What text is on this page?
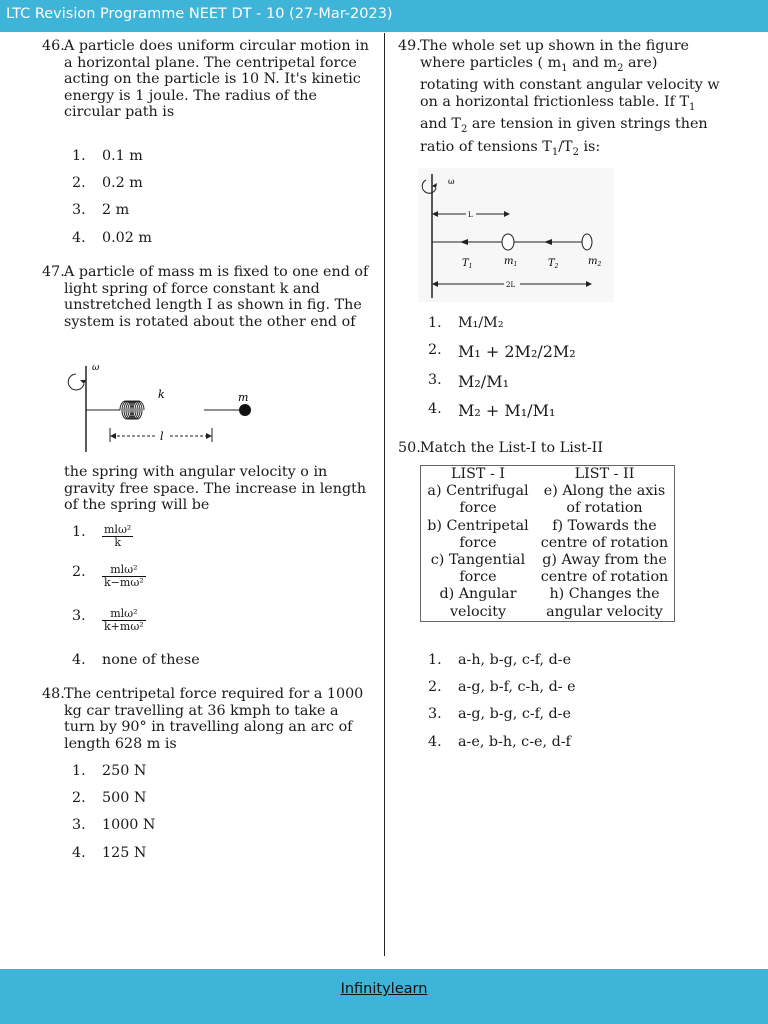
LTC Revision Programme NEET DT - 10 (27-Mar-2023)
46. A particle does uniform circular motion in a horizontal plane. The centripetal force acting on the particle is 10 N. It's kinetic energy is 1 joule. The radius of the circular path is
1. 0.1 m
2. 0.2 m
3. 2 m
4. 0.02 m
47. A particle of mass m is fixed to one end of light spring of force constant k and unstretched length I as shown in fig. The system is rotated about the other end of
ω
k	m
l
the spring with angular velocity o in gravity free space. The increase in length of the spring will be
1. $\frac{\text{mlω²}}{k}$
2. $\frac{\text{mlω²}}{\text{k−mω²}}$
3. $\frac{\text{mlω²}}{\text{k+mω²}}$
4. none of these
48. The centripetal force required for a 1000 kg car travelling at 36 kmph to take a turn by 90° in travelling along an arc of length 628 m is
1. 250 N
2. 500 N
3. 1000 N
4. 125 N
49. The whole set up shown in the figure where particles ( $m_1$ and $m_2$ are) rotating with constant angular velocity w on a horizontal frictionless table. If $T_1$ and $T_2$ are tension in given strings then ratio of tensions $T_1/T_2$ is:
ω
L
$T_1$	$m_1$	$T_2$	$m_2$
2L
1. M₁/M₂
2. M₁ + 2M₂/2M₂
3. M₂/M₁
4. M₂ + M₁/M₁
50. Match the List-I to List-II
LIST - I	LIST - II
a) Centrifugal force	e) Along the axis of rotation
b) Centripetal force	f) Towards the centre of rotation
c) Tangential force	g) Away from the centre of rotation
d) Angular velocity	h) Changes the angular velocity
1. a-h, b-g, c-f, d-e
2. a-g, b-f, c-h, d- e
3. a-g, b-g, c-f, d-e
4. a-e, b-h, c-e, d-f
Infinitylearn
